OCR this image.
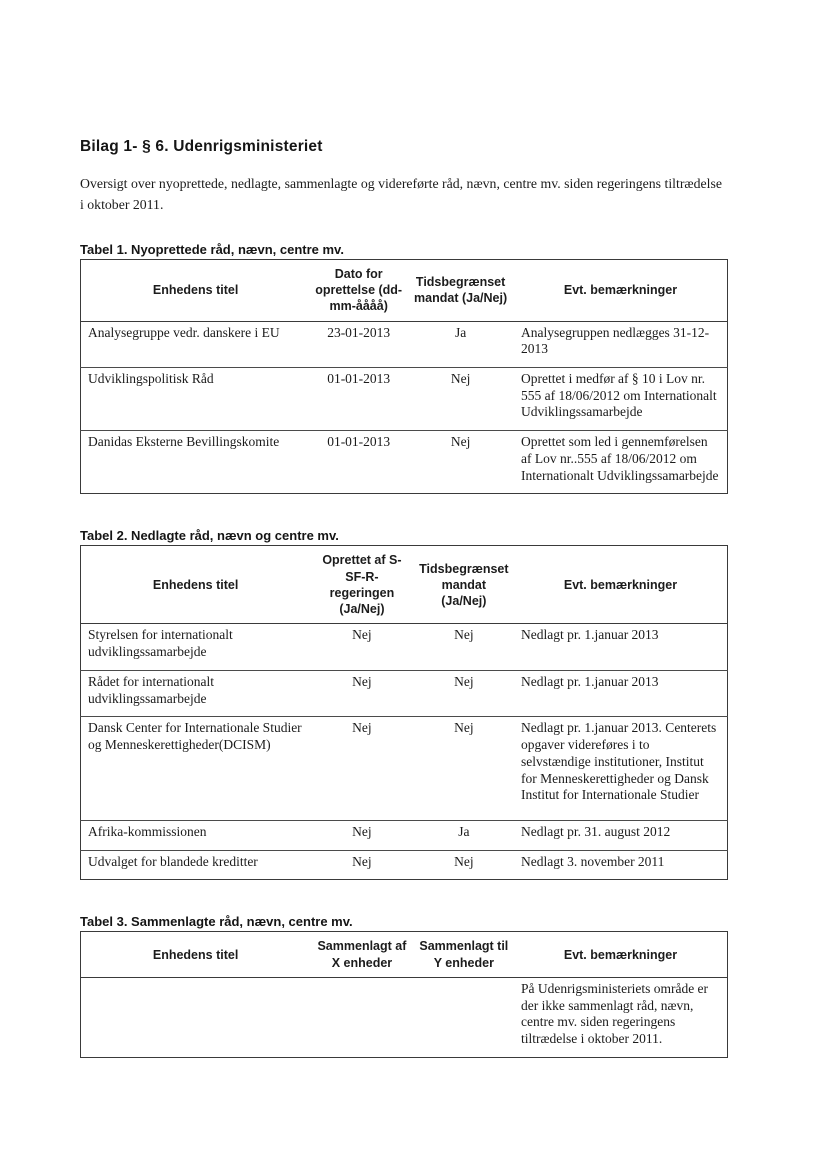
Bilag 1- § 6. Udenrigsministeriet

Oversigt over nyoprettede, nedlagte, sammenlagte og videreførte råd, nævn, centre mv. siden regeringens tiltrædelse i oktober 2011.

Tabel 1. Nyoprettede råd, nævn, centre mv.
Enhedens titel	Dato for oprettelse (dd-mm-åååå)	Tidsbegrænset mandat (Ja/Nej)	Evt. bemærkninger
Analysegruppe vedr. danskere i EU	23-01-2013	Ja	Analysegruppen nedlægges 31-12-2013
Udviklingspolitisk Råd	01-01-2013	Nej	Oprettet i medfør af § 10 i Lov nr. 555 af 18/06/2012 om Internationalt Udviklingssamarbejde
Danidas Eksterne Bevillingskomite	01-01-2013	Nej	Oprettet som led i gennemførelsen af Lov nr..555 af 18/06/2012 om Internationalt Udviklingssamarbejde
Tabel 2. Nedlagte råd, nævn og centre mv.
Enhedens titel	Oprettet af S-SF-R-regeringen (Ja/Nej)	Tidsbegrænset mandat (Ja/Nej)	Evt. bemærkninger
Styrelsen for internationalt udviklingssamarbejde	Nej	Nej	Nedlagt pr. 1.januar 2013
Rådet for internationalt udviklingssamarbejde	Nej	Nej	Nedlagt pr. 1.januar 2013
Dansk Center for Internationale Studier og Menneskerettigheder(DCISM)	Nej	Nej	Nedlagt pr. 1.januar 2013. Centerets opgaver videreføres i to selvstændige institutioner, Institut for Menneskerettigheder og Dansk Institut for Internationale Studier
Afrika-kommissionen	Nej	Ja	Nedlagt pr. 31. august 2012
Udvalget for blandede kreditter	Nej	Nej	Nedlagt 3. november 2011
Tabel 3. Sammenlagte råd, nævn, centre mv.
Enhedens titel	Sammenlagt af X enheder	Sammenlagt til Y enheder	Evt. bemærkninger
			På Udenrigsministeriets område er der ikke sammenlagt råd, nævn, centre mv. siden regeringens tiltrædelse i oktober 2011.
